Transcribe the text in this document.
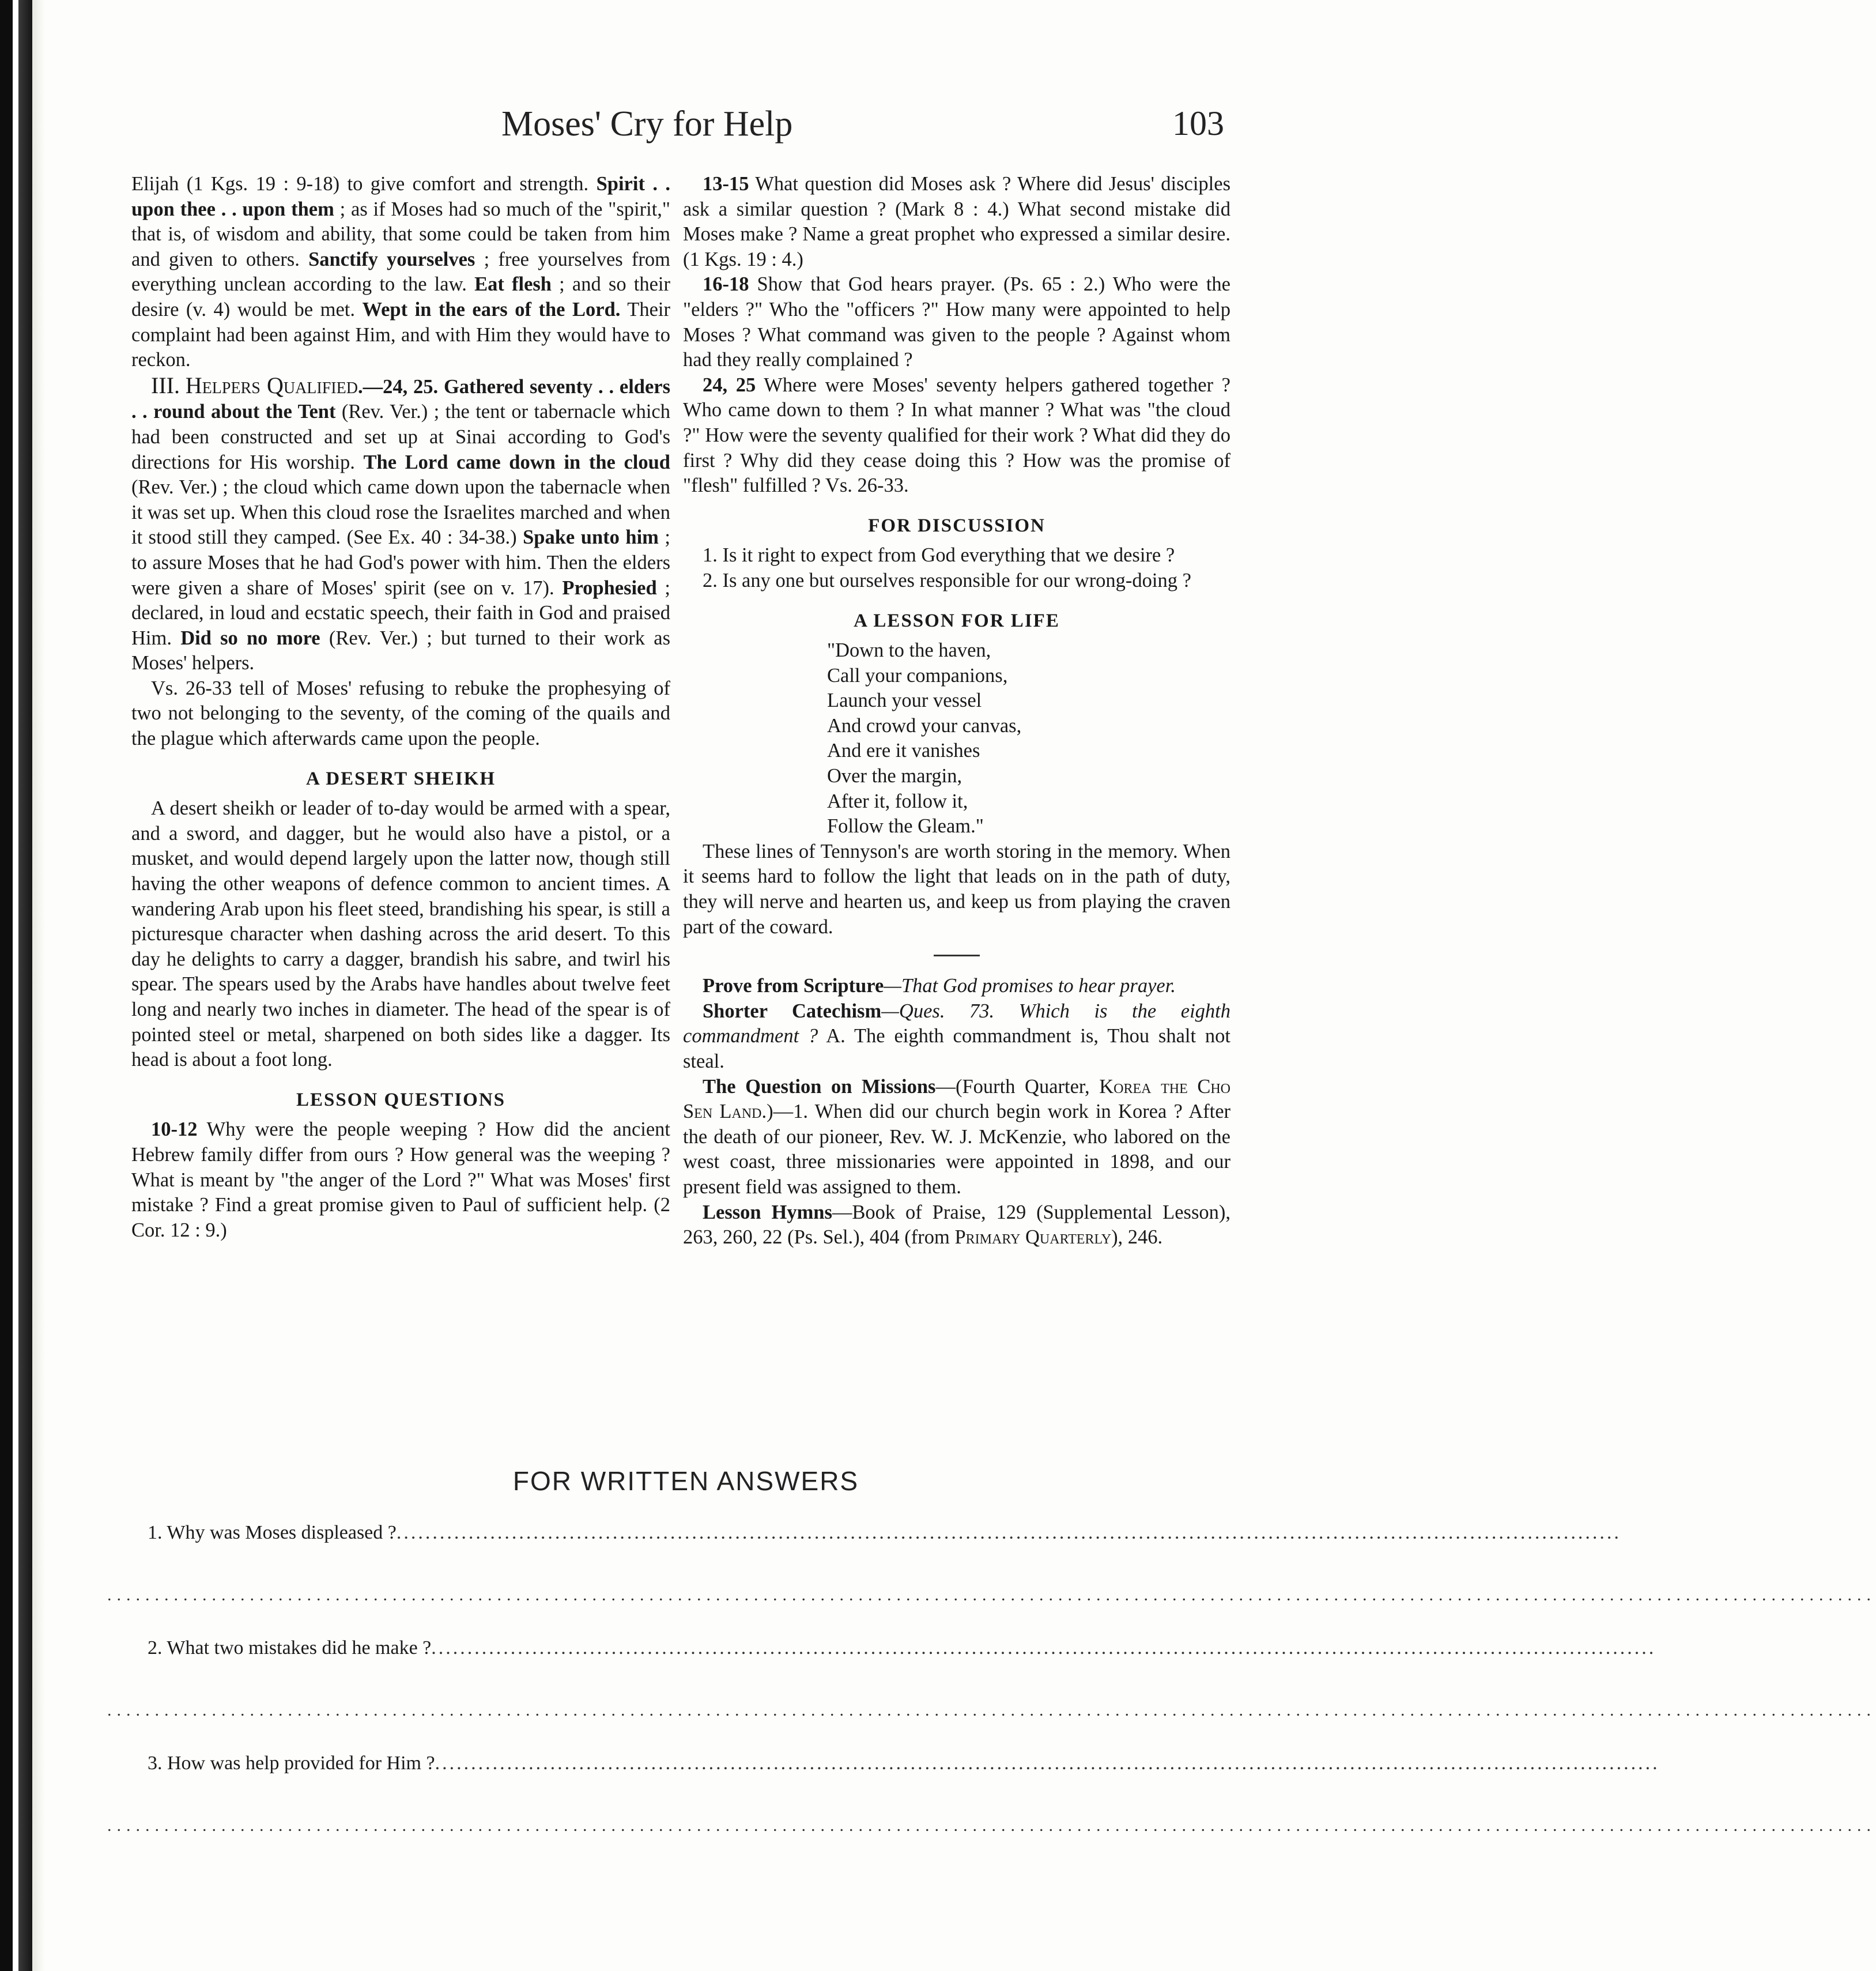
Moses' Cry for Help	103

Elijah (1 Kgs. 19 : 9-18) to give comfort and strength. Spirit . . upon thee . . upon them ; as if Moses had so much of the "spirit," that is, of wisdom and ability, that some could be taken from him and given to others. Sanctify yourselves ; free yourselves from everything unclean according to the law. Eat flesh ; and so their desire (v. 4) would be met. Wept in the ears of the Lord. Their complaint had been against Him, and with Him they would have to reckon.

III. Helpers Qualified.—24, 25. Gathered seventy . . elders . . round about the Tent (Rev. Ver.) ; the tent or tabernacle which had been constructed and set up at Sinai according to God's directions for His worship. The Lord came down in the cloud (Rev. Ver.) ; the cloud which came down upon the tabernacle when it was set up. When this cloud rose the Israelites marched and when it stood still they camped. (See Ex. 40 : 34-38.) Spake unto him ; to assure Moses that he had God's power with him. Then the elders were given a share of Moses' spirit (see on v. 17). Prophesied ; declared, in loud and ecstatic speech, their faith in God and praised Him. Did so no more (Rev. Ver.) ; but turned to their work as Moses' helpers.

Vs. 26-33 tell of Moses' refusing to rebuke the prophesying of two not belonging to the seventy, of the coming of the quails and the plague which afterwards came upon the people.

A DESERT SHEIKH

A desert sheikh or leader of to-day would be armed with a spear, and a sword, and dagger, but he would also have a pistol, or a musket, and would depend largely upon the latter now, though still having the other weapons of defence common to ancient times. A wandering Arab upon his fleet steed, brandishing his spear, is still a picturesque character when dashing across the arid desert. To this day he delights to carry a dagger, brandish his sabre, and twirl his spear. The spears used by the Arabs have handles about twelve feet long and nearly two inches in diameter. The head of the spear is of pointed steel or metal, sharpened on both sides like a dagger. Its head is about a foot long.

LESSON QUESTIONS

10-12 Why were the people weeping ? How did the ancient Hebrew family differ from ours ? How general was the weeping ? What is meant by "the anger of the Lord ?" What was Moses' first mistake ? Find a great promise given to Paul of sufficient help. (2 Cor. 12 : 9.)

13-15 What question did Moses ask ? Where did Jesus' disciples ask a similar question ? (Mark 8 : 4.) What second mistake did Moses make ? Name a great prophet who expressed a similar desire. (1 Kgs. 19 : 4.)

16-18 Show that God hears prayer. (Ps. 65 : 2.) Who were the "elders ?" Who the "officers ?" How many were appointed to help Moses ? What command was given to the people ? Against whom had they really complained ?

24, 25 Where were Moses' seventy helpers gathered together ? Who came down to them ? In what manner ? What was "the cloud ?" How were the seventy qualified for their work ? What did they do first ? Why did they cease doing this ? How was the promise of "flesh" fulfilled ? Vs. 26-33.

FOR DISCUSSION

1. Is it right to expect from God everything that we desire ?

2. Is any one but ourselves responsible for our wrong-doing ?

A LESSON FOR LIFE
"Down to the haven,
Call your companions,
Launch your vessel
And crowd your canvas,
And ere it vanishes
Over the margin,
After it, follow it,
Follow the Gleam."

These lines of Tennyson's are worth storing in the memory. When it seems hard to follow the light that leads on in the path of duty, they will nerve and hearten us, and keep us from playing the craven part of the coward.

Prove from Scripture—That God promises to hear prayer.

Shorter Catechism—Ques. 73. Which is the eighth commandment ? A. The eighth commandment is, Thou shalt not steal.

The Question on Missions—(Fourth Quarter, Korea the Cho Sen Land.)—1. When did our church begin work in Korea ? After the death of our pioneer, Rev. W. J. McKenzie, who labored on the west coast, three missionaries were appointed in 1898, and our present field was assigned to them.

Lesson Hymns—Book of Praise, 129 (Supplemental Lesson), 263, 260, 22 (Ps. Sel.), 404 (from Primary Quarterly), 246.

FOR WRITTEN ANSWERS
1. Why was Moses displeased ?..........................................................................................................................................................................
..........................................................................................................................................................................................
2. What two mistakes did he make ?..........................................................................................................................................................................
..........................................................................................................................................................................................
3. How was help provided for Him ?..........................................................................................................................................................................
..........................................................................................................................................................................................
